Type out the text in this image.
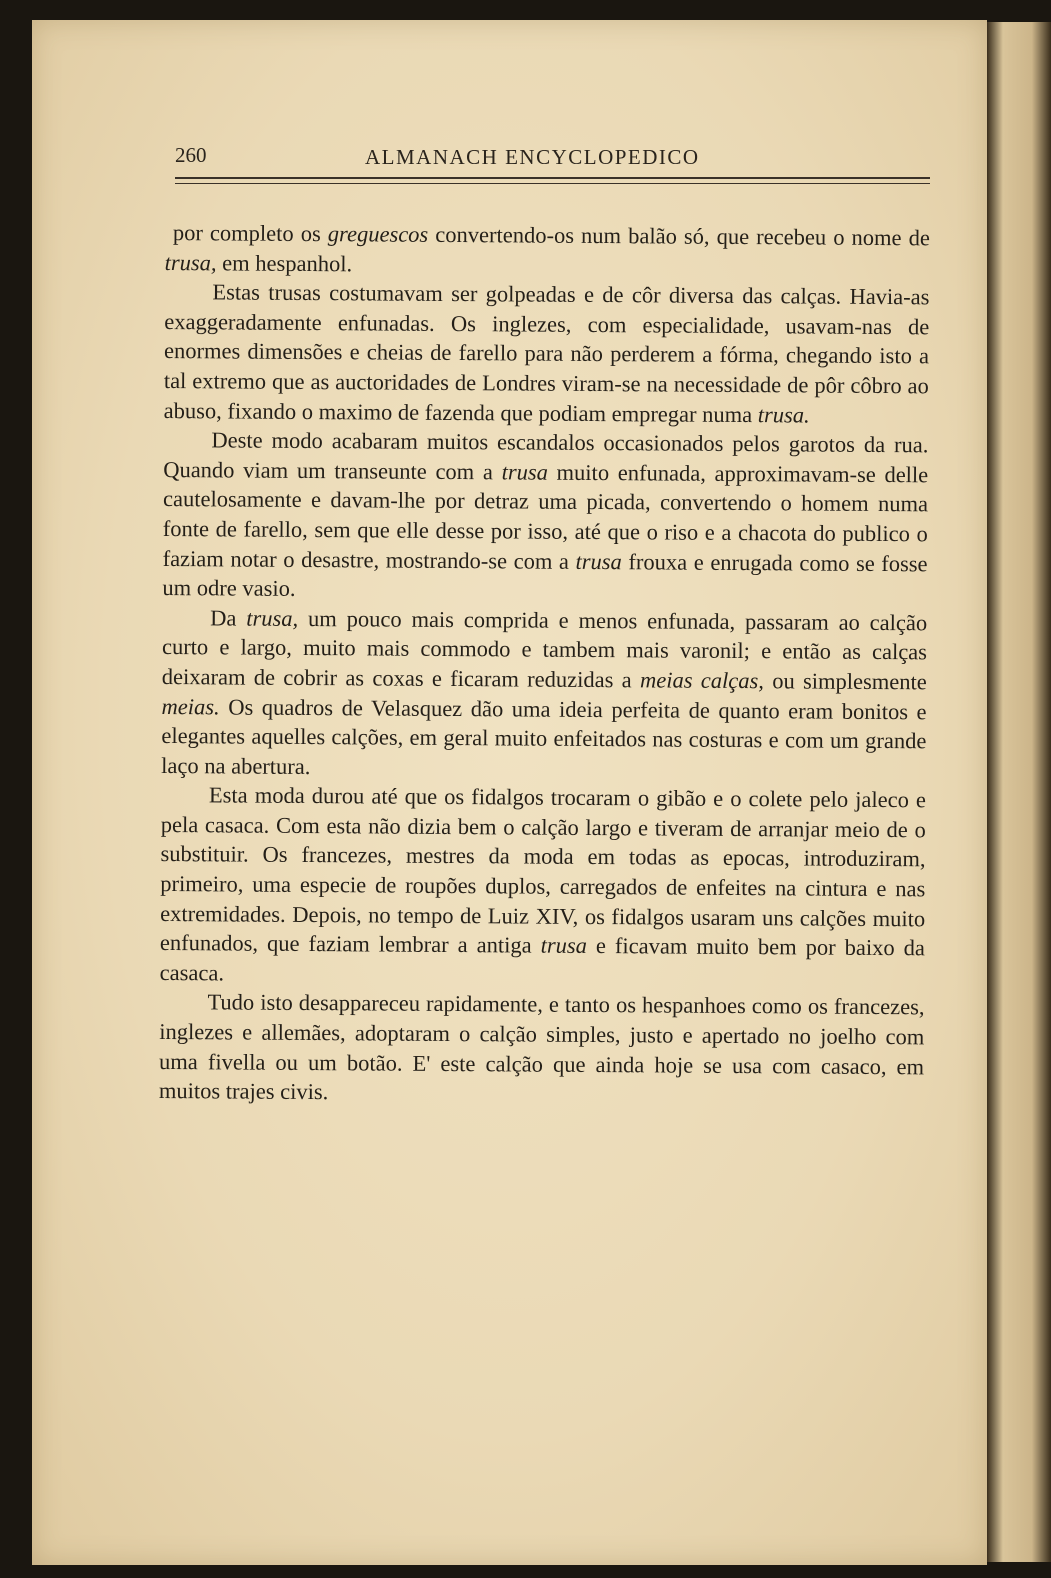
260	ALMANACH ENCYCLOPEDICO

por completo os greguescos convertendo-os num balão só, que recebeu o nome de trusa, em hespanhol.

Estas trusas costumavam ser golpeadas e de côr diversa das calças. Havia-as exaggeradamente enfunadas. Os inglezes, com especialidade, usavam-nas de enormes dimensões e cheias de farello para não perderem a fórma, chegando isto a tal extremo que as auctoridades de Londres viram-se na necessidade de pôr côbro ao abuso, fixando o maximo de fazenda que podiam empregar numa trusa.

Deste modo acabaram muitos escandalos occasionados pelos garotos da rua. Quando viam um transeunte com a trusa muito enfunada, approximavam-se delle cautelosamente e davam-lhe por detraz uma picada, convertendo o homem numa fonte de farello, sem que elle desse por isso, até que o riso e a chacota do publico o faziam notar o desastre, mostrando-se com a trusa frouxa e enrugada como se fosse um odre vasio.

Da trusa, um pouco mais comprida e menos enfunada, passaram ao calção curto e largo, muito mais commodo e tambem mais varonil; e então as calças deixaram de cobrir as coxas e ficaram reduzidas a meias calças, ou simplesmente meias. Os quadros de Velasquez dão uma ideia perfeita de quanto eram bonitos e elegantes aquelles calções, em geral muito enfeitados nas costuras e com um grande laço na abertura.

Esta moda durou até que os fidalgos trocaram o gibão e o colete pelo jaleco e pela casaca. Com esta não dizia bem o calção largo e tiveram de arranjar meio de o substituir. Os francezes, mestres da moda em todas as epocas, introduziram, primeiro, uma especie de roupões duplos, carregados de enfeites na cintura e nas extremidades. Depois, no tempo de Luiz XIV, os fidalgos usaram uns calções muito enfunados, que faziam lembrar a antiga trusa e ficavam muito bem por baixo da casaca.

Tudo isto desappareceu rapidamente, e tanto os hespanhoes como os francezes, inglezes e allemães, adoptaram o calção simples, justo e apertado no joelho com uma fivella ou um botão. E' este calção que ainda hoje se usa com casaco, em muitos trajes civis.
